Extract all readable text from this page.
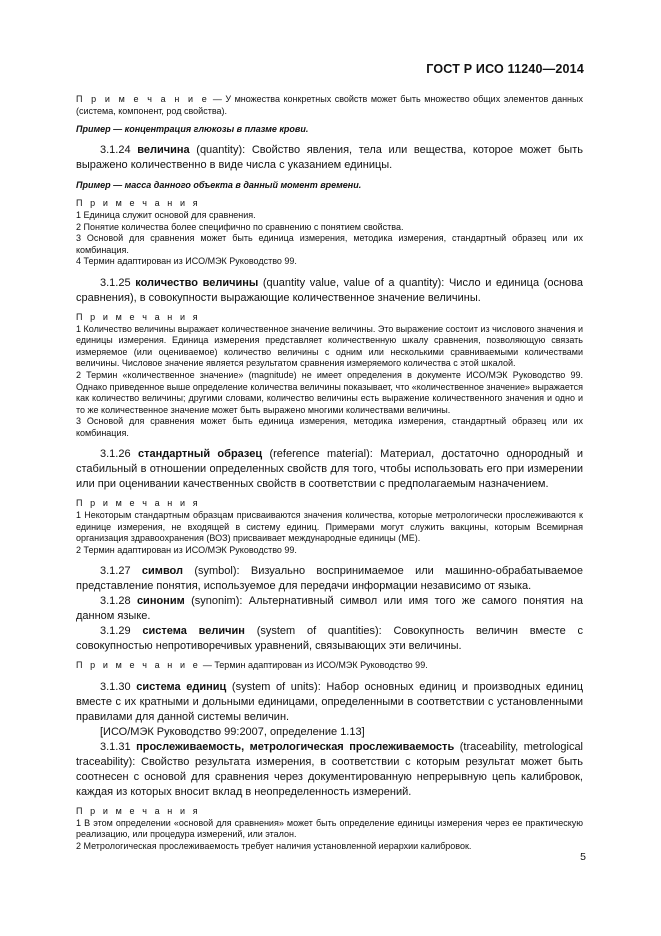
ГОСТ Р ИСО 11240—2014

П р и м е ч а н и е — У множества конкретных свойств может быть множество общих элементов данных (система, компонент, род свойства).

Пример — концентрация глюкозы в плазме крови.

3.1.24 величина (quantity): Свойство явления, тела или вещества, которое может быть выражено количественно в виде числа с указанием единицы.

Пример — масса данного объекта в данный момент времени.

П р и м е ч а н и я

1 Единица служит основой для сравнения.

2 Понятие количества более специфично по сравнению с понятием свойства.

3 Основой для сравнения может быть единица измерения, методика измерения, стандартный образец или их комбинация.

4 Термин адаптирован из ИСО/МЭК Руководство 99.

3.1.25 количество величины (quantity value, value of a quantity): Число и единица (основа сравнения), в совокупности выражающие количественное значение величины.

П р и м е ч а н и я

1 Количество величины выражает количественное значение величины. Это выражение состоит из числового значения и единицы измерения. Единица измерения представляет количественную шкалу сравнения, позволяющую связать измеряемое (или оцениваемое) количество величины с одним или несколькими сравниваемыми количествами величины. Числовое значение является результатом сравнения измеряемого количества с этой шкалой.

2 Термин «количественное значение» (magnitude) не имеет определения в документе ИСО/МЭК Руководство 99. Однако приведенное выше определение количества величины показывает, что «количественное значение» выражается как количество величины; другими словами, количество величины есть выражение количественного значения и одно и то же количественное значение может быть выражено многими количествами величины.

3 Основой для сравнения может быть единица измерения, методика измерения, стандартный образец или их комбинация.

3.1.26 стандартный образец (reference material): Материал, достаточно однородный и стабильный в отношении определенных свойств для того, чтобы использовать его при измерении или при оценивании качественных свойств в соответствии с предполагаемым назначением.

П р и м е ч а н и я

1 Некоторым стандартным образцам присваиваются значения количества, которые метрологически прослеживаются к единице измерения, не входящей в систему единиц. Примерами могут служить вакцины, которым Всемирная организация здравоохранения (ВОЗ) присваивает международные единицы (МЕ).

2 Термин адаптирован из ИСО/МЭК Руководство 99.

3.1.27 символ (symbol): Визуально воспринимаемое или машинно-обрабатываемое представление понятия, используемое для передачи информации независимо от языка.

3.1.28 синоним (synonim): Альтернативный символ или имя того же самого понятия на данном языке.

3.1.29 система величин (system of quantities): Совокупность величин вместе с совокупностью непротиворечивых уравнений, связывающих эти величины.

П р и м е ч а н и е — Термин адаптирован из ИСО/МЭК Руководство 99.

3.1.30 система единиц (system of units): Набор основных единиц и производных единиц вместе с их кратными и дольными единицами, определенными в соответствии с установленными правилами для данной системы величин.

[ИСО/МЭК Руководство 99:2007, определение 1.13]

3.1.31 прослеживаемость, метрологическая прослеживаемость (traceability, metrological traceability): Свойство результата измерения, в соответствии с которым результат может быть соотнесен с основой для сравнения через документированную непрерывную цепь калибровок, каждая из которых вносит вклад в неопределенность измерений.

П р и м е ч а н и я

1 В этом определении «основой для сравнения» может быть определение единицы измерения через ее практическую реализацию, или процедура измерений, или эталон.

2 Метрологическая прослеживаемость требует наличия установленной иерархии калибровок.

5
